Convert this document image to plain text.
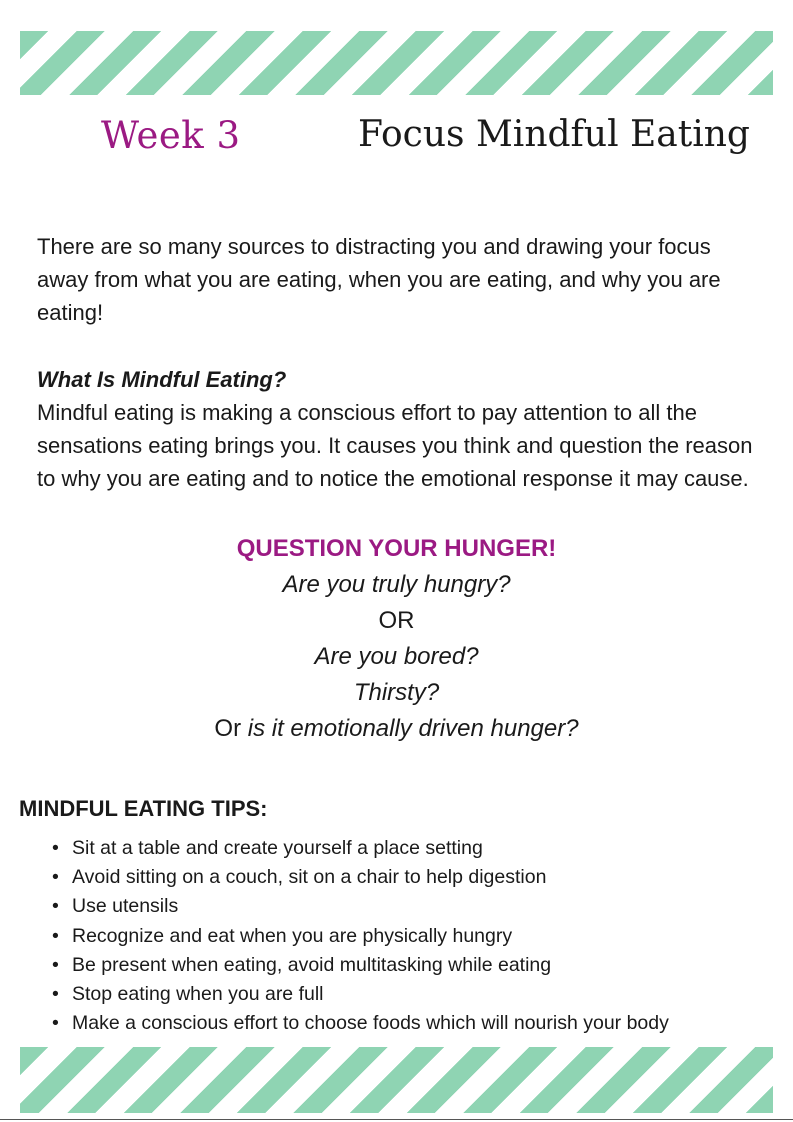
Week 3	Focus Mindful Eating
There are so many sources to distracting you and drawing your focus away from what you are eating, when you are eating, and why you are eating!
What Is Mindful Eating?
Mindful eating is making a conscious effort to pay attention to all the sensations eating brings you. It causes you think and question the reason to why you are eating and to notice the emotional response it may cause.
QUESTION YOUR HUNGER!
Are you truly hungry?
OR
Are you bored?
Thirsty?
Or is it emotionally driven hunger?
MINDFUL EATING TIPS:
• Sit at a table and create yourself a place setting
• Avoid sitting on a couch, sit on a chair to help digestion
• Use utensils
• Recognize and eat when you are physically hungry
• Be present when eating, avoid multitasking while eating
• Stop eating when you are full
• Make a conscious effort to choose foods which will nourish your body
